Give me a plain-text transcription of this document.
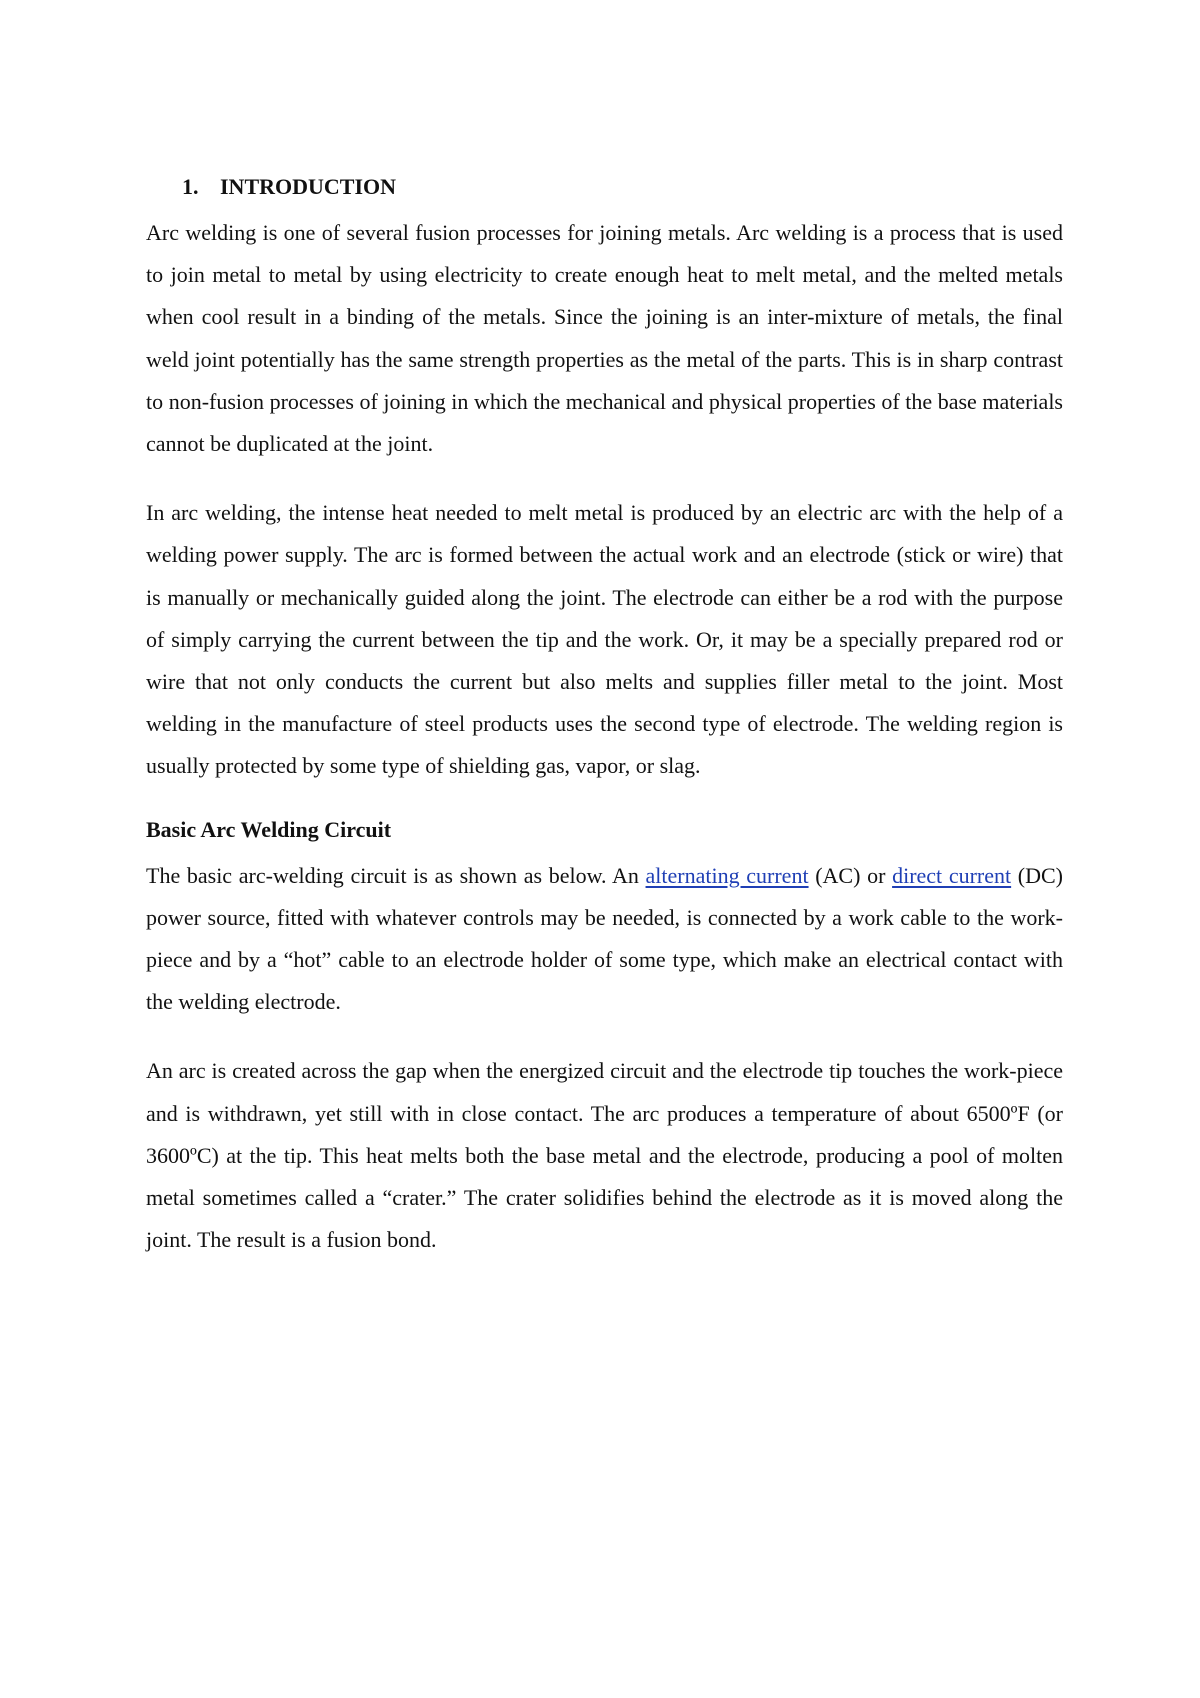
1. INTRODUCTION

Arc welding is one of several fusion processes for joining metals. Arc welding is a process that is used to join metal to metal by using electricity to create enough heat to melt metal, and the melted metals when cool result in a binding of the metals. Since the joining is an inter-mixture of metals, the final weld joint potentially has the same strength properties as the metal of the parts. This is in sharp contrast to non-fusion processes of joining in which the mechanical and physical properties of the base materials cannot be duplicated at the joint.

In arc welding, the intense heat needed to melt metal is produced by an electric arc with the help of a welding power supply. The arc is formed between the actual work and an electrode (stick or wire) that is manually or mechanically guided along the joint. The electrode can either be a rod with the purpose of simply carrying the current between the tip and the work. Or, it may be a specially prepared rod or wire that not only conducts the current but also melts and supplies filler metal to the joint. Most welding in the manufacture of steel products uses the second type of electrode. The welding region is usually protected by some type of shielding gas, vapor, or slag.

Basic Arc Welding Circuit

The basic arc-welding circuit is as shown as below. An alternating current (AC) or direct current (DC) power source, fitted with whatever controls may be needed, is connected by a work cable to the work-piece and by a “hot” cable to an electrode holder of some type, which make an electrical contact with the welding electrode.

An arc is created across the gap when the energized circuit and the electrode tip touches the work-piece and is withdrawn, yet still with in close contact. The arc produces a temperature of about 6500ºF (or 3600ºC) at the tip. This heat melts both the base metal and the electrode, producing a pool of molten metal sometimes called a “crater.” The crater solidifies behind the electrode as it is moved along the joint. The result is a fusion bond.
